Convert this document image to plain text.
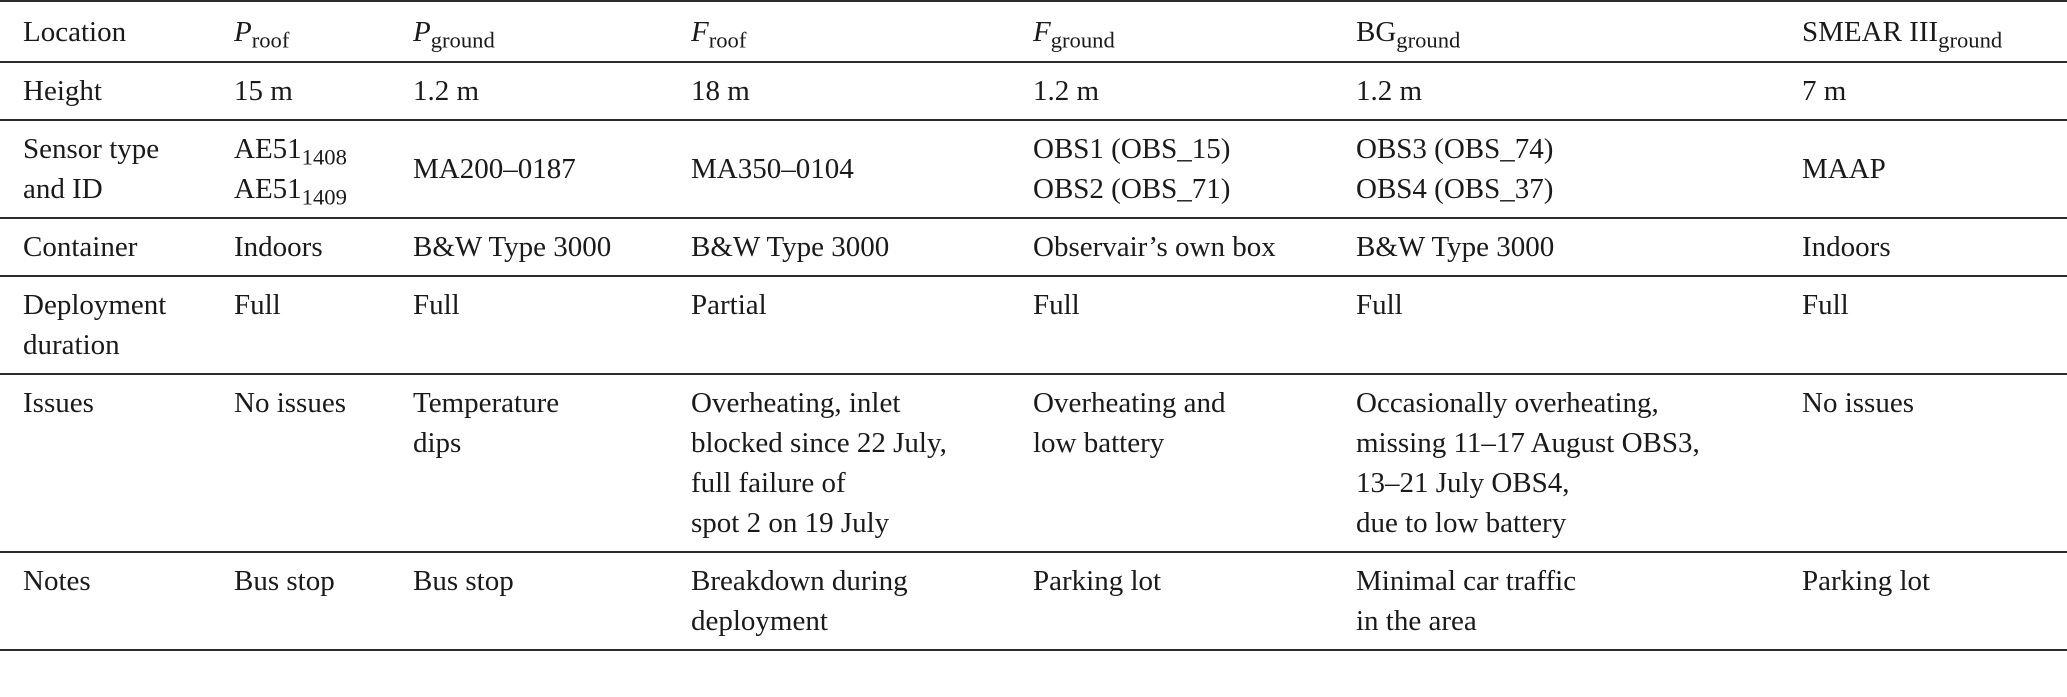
Location	$P_{roof}$	$P_{ground}$	$F_{roof}$	$F_{ground}$	$BG_{ground}$	SMEAR $III_{ground}$

Height	15 m	1.2 m	18 m	1.2 m	1.2 m	7 m

Sensor type
and ID	$AE51_{1408}$
$AE51_{1409}$	MA200–0187	MA350–0104	OBS1 (OBS_15)
OBS2 (OBS_71)	OBS3 (OBS_74)
OBS4 (OBS_37)	MAAP

Container	Indoors	B&W Type 3000	B&W Type 3000	Observair’s own box	B&W Type 3000	Indoors

Deployment
duration	Full	Full	Partial	Full	Full	Full

Issues	No issues	Temperature
dips	Overheating, inlet
blocked since 22 July,
full failure of
spot 2 on 19 July	Overheating and
low battery	Occasionally overheating,
missing 11–17 August OBS3,
13–21 July OBS4,
due to low battery	No issues

Notes	Bus stop	Bus stop	Breakdown during
deployment	Parking lot	Minimal car traffic
in the area	Parking lot
